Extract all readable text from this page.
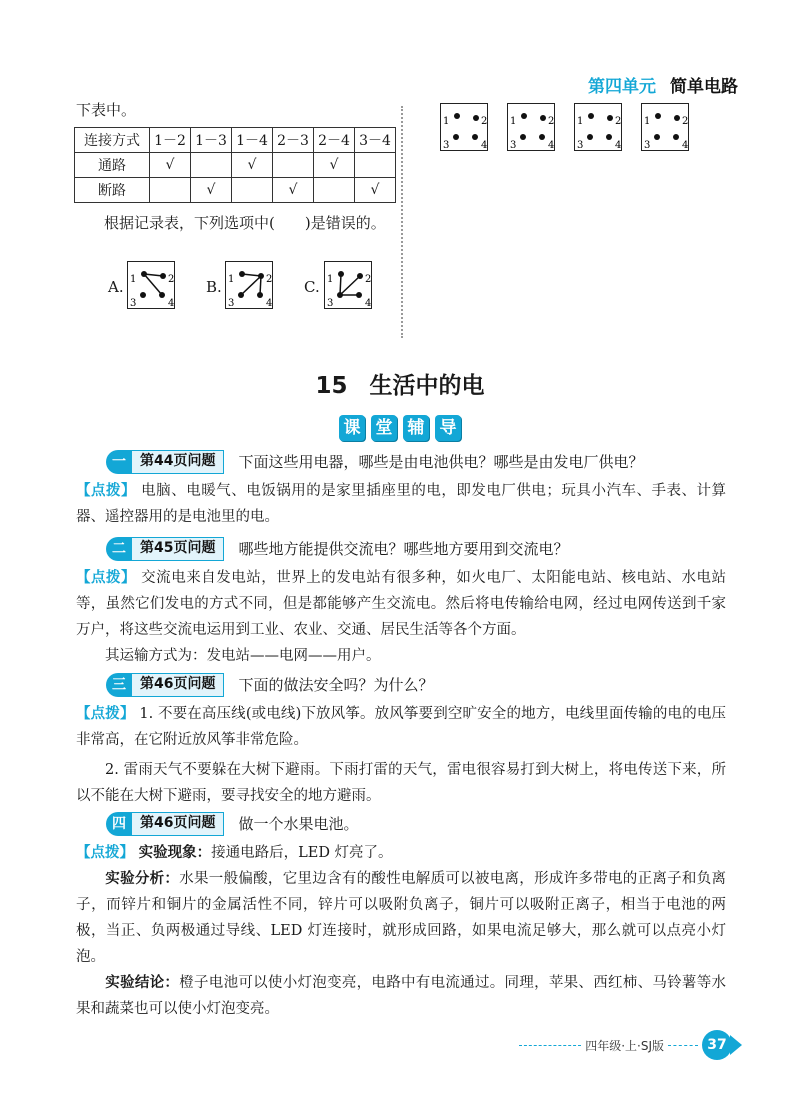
第四单元 简单电路
下表中。
连接方式	1－2	1－3	1－4	2－3	2－4	3－4
通路	√		√		√	
断路		√		√		√
根据记录表，下列选项中(　　)是错误的。
A. 1	2
3	4
B. 1	2
3	4
C. 1	2
3	4
1	2
3	4
1	2
3	4
1	2
3	4
1	2
3	4
15 生活中的电
课 堂 辅 导
一	第44页问题	下面这些用电器，哪些是由电池供电？哪些是由发电厂供电？
【点拨】 电脑、电暖气、电饭锅用的是家里插座里的电，即发电厂供电；玩具小汽车、手表、计算器、遥控器用的是电池里的电。
二	第45页问题	哪些地方能提供交流电？哪些地方要用到交流电？
【点拨】 交流电来自发电站，世界上的发电站有很多种，如火电厂、太阳能电站、核电站、水电站等，虽然它们发电的方式不同，但是都能够产生交流电。然后将电传输给电网，经过电网传送到千家万户，将这些交流电运用到工业、农业、交通、居民生活等各个方面。
其运输方式为：发电站——电网——用户。
三	第46页问题	下面的做法安全吗？为什么？
【点拨】 1. 不要在高压线(或电线)下放风筝。放风筝要到空旷安全的地方，电线里面传输的电的电压非常高，在它附近放风筝非常危险。
2. 雷雨天气不要躲在大树下避雨。下雨打雷的天气，雷电很容易打到大树上，将电传送下来，所以不能在大树下避雨，要寻找安全的地方避雨。
四	第46页问题	做一个水果电池。
【点拨】 实验现象：接通电路后，LED 灯亮了。
实验分析：水果一般偏酸，它里边含有的酸性电解质可以被电离，形成许多带电的正离子和负离子，而锌片和铜片的金属活性不同，锌片可以吸附负离子，铜片可以吸附正离子，相当于电池的两极，当正、负两极通过导线、LED 灯连接时，就形成回路，如果电流足够大，那么就可以点亮小灯泡。
实验结论：橙子电池可以使小灯泡变亮，电路中有电流通过。同理，苹果、西红柿、马铃薯等水果和蔬菜也可以使小灯泡变亮。
四年级·上·SJ版	37
